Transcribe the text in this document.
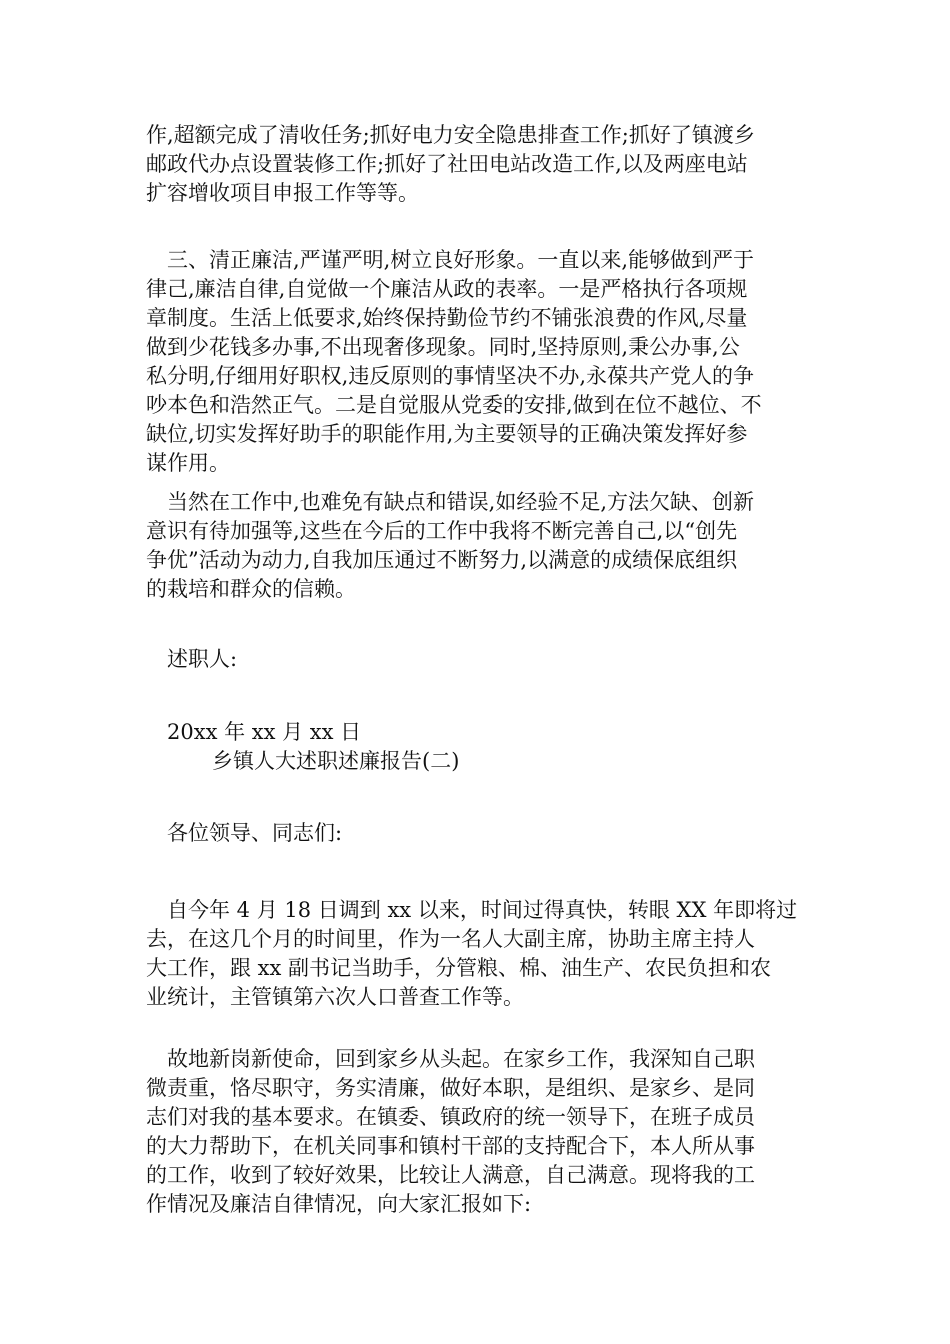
作,超额完成了清收任务;抓好电力安全隐患排查工作;抓好了镇渡乡
邮政代办点设置装修工作;抓好了社田电站改造工作,以及两座电站
扩容增收项目申报工作等等。
三、清正廉洁,严谨严明,树立良好形象。一直以来,能够做到严于
律己,廉洁自律,自觉做一个廉洁从政的表率。一是严格执行各项规
章制度。生活上低要求,始终保持勤俭节约不铺张浪费的作风,尽量
做到少花钱多办事,不出现奢侈现象。同时,坚持原则,秉公办事,公
私分明,仔细用好职权,违反原则的事情坚决不办,永葆共产党人的争
吵本色和浩然正气。二是自觉服从党委的安排,做到在位不越位、不
缺位,切实发挥好助手的职能作用,为主要领导的正确决策发挥好参
谋作用。
当然在工作中,也难免有缺点和错误,如经验不足,方法欠缺、创新
意识有待加强等,这些在今后的工作中我将不断完善自己,以“创先
争优”活动为动力,自我加压通过不断努力,以满意的成绩保底组织
的栽培和群众的信赖。
述职人:
20xx 年 xx 月 xx 日
乡镇人大述职述廉报告(二)
各位领导、同志们:
自今年 4 月 18 日调到 xx 以来，时间过得真快，转眼 XX 年即将过
去，在这几个月的时间里，作为一名人大副主席，协助主席主持人
大工作，跟 xx 副书记当助手，分管粮、棉、油生产、农民负担和农
业统计，主管镇第六次人口普查工作等。
故地新岗新使命，回到家乡从头起。在家乡工作，我深知自己职
微责重，恪尽职守，务实清廉，做好本职，是组织、是家乡、是同
志们对我的基本要求。在镇委、镇政府的统一领导下，在班子成员
的大力帮助下，在机关同事和镇村干部的支持配合下，本人所从事
的工作，收到了较好效果，比较让人满意，自己满意。现将我的工
作情况及廉洁自律情况，向大家汇报如下:
